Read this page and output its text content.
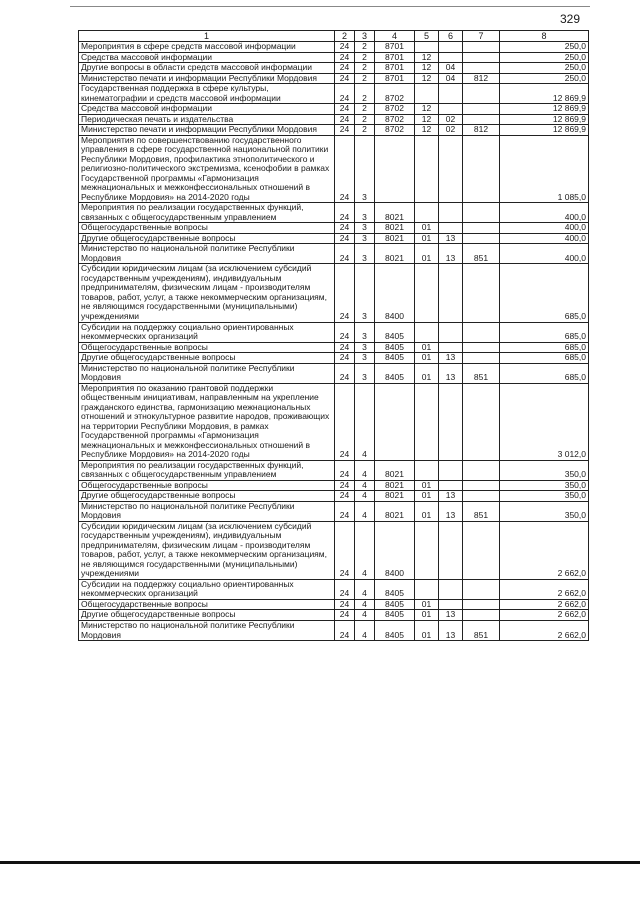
329
1	2	3	4	5	6	7	8
Мероприятия в сфере средств массовой информации	24	2	8701				250,0
Средства массовой информации	24	2	8701	12			250,0
Другие вопросы в области средств массовой информации	24	2	8701	12	04		250,0
Министерство печати и информации Республики Мордовия	24	2	8701	12	04	812	250,0
Государственная поддержка в сфере культуры, кинематографии и средств массовой информации	24	2	8702				12 869,9
Средства массовой информации	24	2	8702	12			12 869,9
Периодическая печать и издательства	24	2	8702	12	02		12 869,9
Министерство печати и информации Республики Мордовия	24	2	8702	12	02	812	12 869,9
Мероприятия по совершенствованию государственного управления в сфере государственной национальной политики Республики Мордовия, профилактика этнополитического и религиозно-политического экстремизма, ксенофобии в рамках Государственной программы «Гармонизация межнациональных и межконфессиональных отношений в Республике Мордовия» на 2014-2020 годы	24	3					1 085,0
Мероприятия по реализации государственных функций, связанных с общегосударственным управлением	24	3	8021				400,0
Общегосударственные вопросы	24	3	8021	01			400,0
Другие общегосударственные вопросы	24	3	8021	01	13		400,0
Министерство по национальной политике Республики Мордовия	24	3	8021	01	13	851	400,0
Субсидии юридическим лицам (за исключением субсидий государственным учреждениям), индивидуальным предпринимателям, физическим лицам - производителям товаров, работ, услуг, а также некоммерческим организациям, не являющимся государственными (муниципальными) учреждениями	24	3	8400				685,0
Субсидии на поддержку социально ориентированных некоммерческих организаций	24	3	8405				685,0
Общегосударственные вопросы	24	3	8405	01			685,0
Другие общегосударственные вопросы	24	3	8405	01	13		685,0
Министерство по национальной политике Республики Мордовия	24	3	8405	01	13	851	685,0
Мероприятия по оказанию грантовой поддержки общественным инициативам, направленным на укрепление гражданского единства, гармонизацию межнациональных отношений и этнокультурное развитие народов, проживающих на территории Республики Мордовия, в рамках Государственной программы «Гармонизация межнациональных и межконфессиональных отношений в Республике Мордовия» на 2014-2020 годы	24	4					3 012,0
Мероприятия по реализации государственных функций, связанных с общегосударственным управлением	24	4	8021				350,0
Общегосударственные вопросы	24	4	8021	01			350,0
Другие общегосударственные вопросы	24	4	8021	01	13		350,0
Министерство по национальной политике Республики Мордовия	24	4	8021	01	13	851	350,0
Субсидии юридическим лицам (за исключением субсидий государственным учреждениям), индивидуальным предпринимателям, физическим лицам - производителям товаров, работ, услуг, а также некоммерческим организациям, не являющимся государственными (муниципальными) учреждениями	24	4	8400				2 662,0
Субсидии на поддержку социально ориентированных некоммерческих организаций	24	4	8405				2 662,0
Общегосударственные вопросы	24	4	8405	01			2 662,0
Другие общегосударственные вопросы	24	4	8405	01	13		2 662,0
Министерство по национальной политике Республики Мордовия	24	4	8405	01	13	851	2 662,0
